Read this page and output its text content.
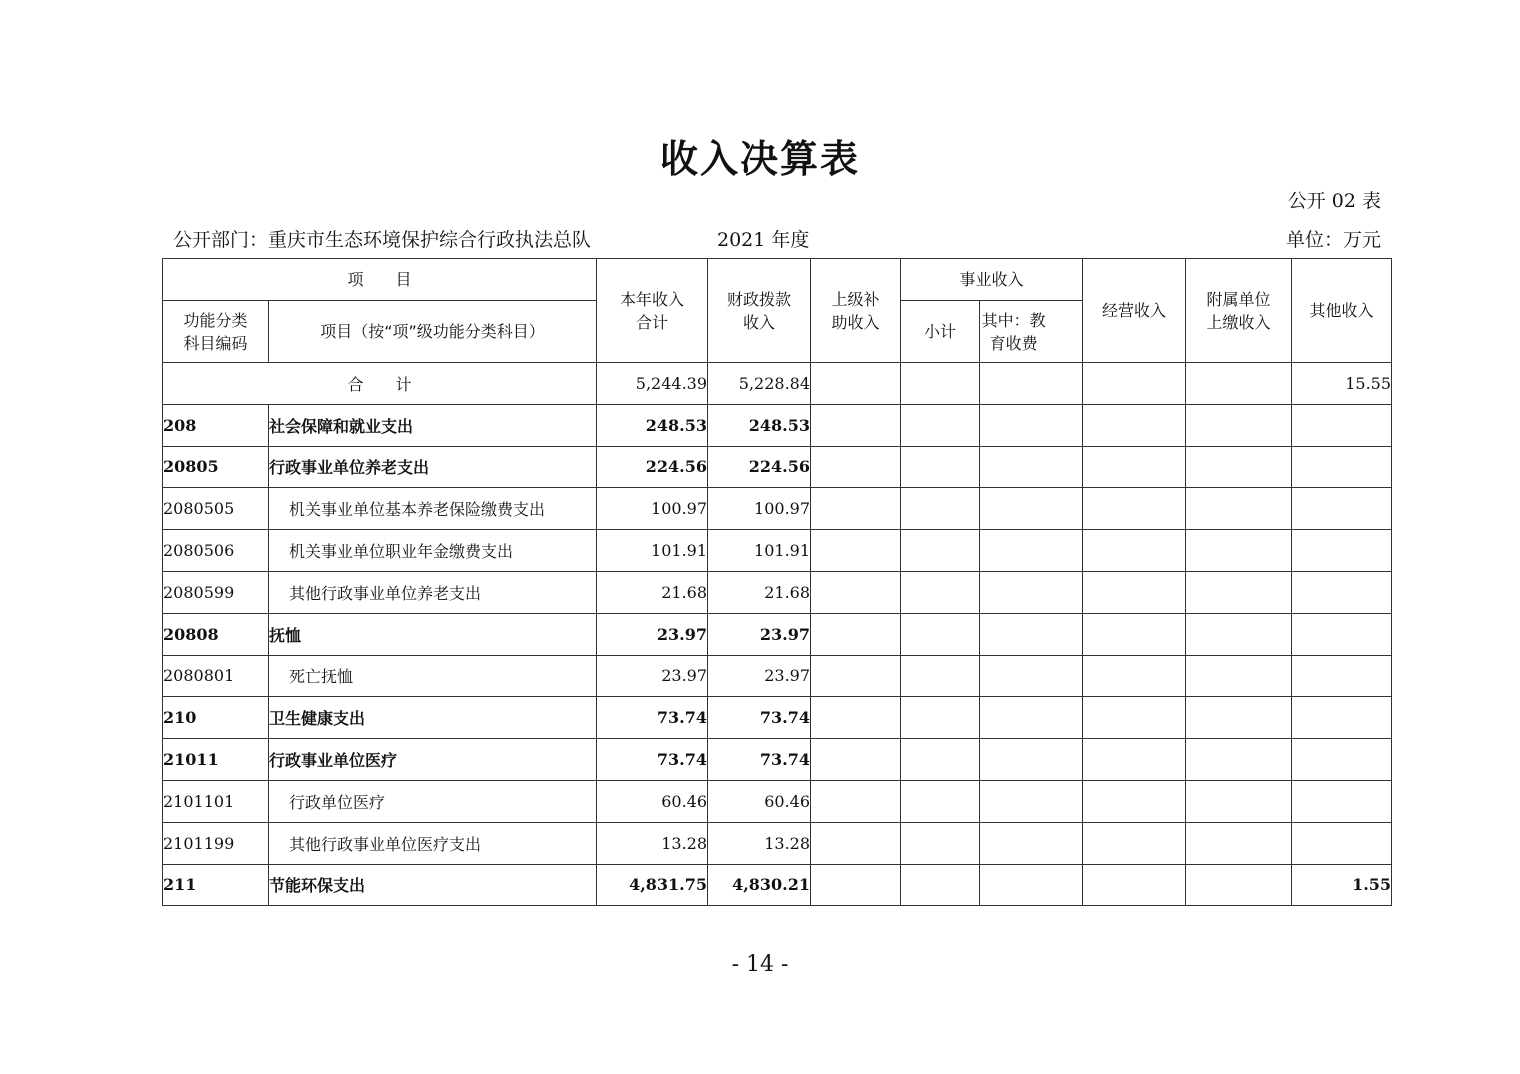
收入决算表
公开 02 表
公开部门：重庆市生态环境保护综合行政执法总队	2021 年度	单位：万元
项　　目		本年收入合计	财政拨款收入	上级补助收入	事业收入		经营收入	附属单位上缴收入	其他收入

功能分类科目编码	项目（按“项”级功能分类科目）				小计	其中：教育收费			

合　　计		5,244.39	5,228.84						15.55
208	社会保障和就业支出	248.53	248.53						
20805	行政事业单位养老支出	224.56	224.56						
2080505	机关事业单位基本养老保险缴费支出	100.97	100.97						
2080506	机关事业单位职业年金缴费支出	101.91	101.91						
2080599	其他行政事业单位养老支出	21.68	21.68						
20808	抚恤	23.97	23.97						
2080801	死亡抚恤	23.97	23.97						
210	卫生健康支出	73.74	73.74						
21011	行政事业单位医疗	73.74	73.74						
2101101	行政单位医疗	60.46	60.46						
2101199	其他行政事业单位医疗支出	13.28	13.28						
211	节能环保支出	4,831.75	4,830.21						1.55
- 14 -
